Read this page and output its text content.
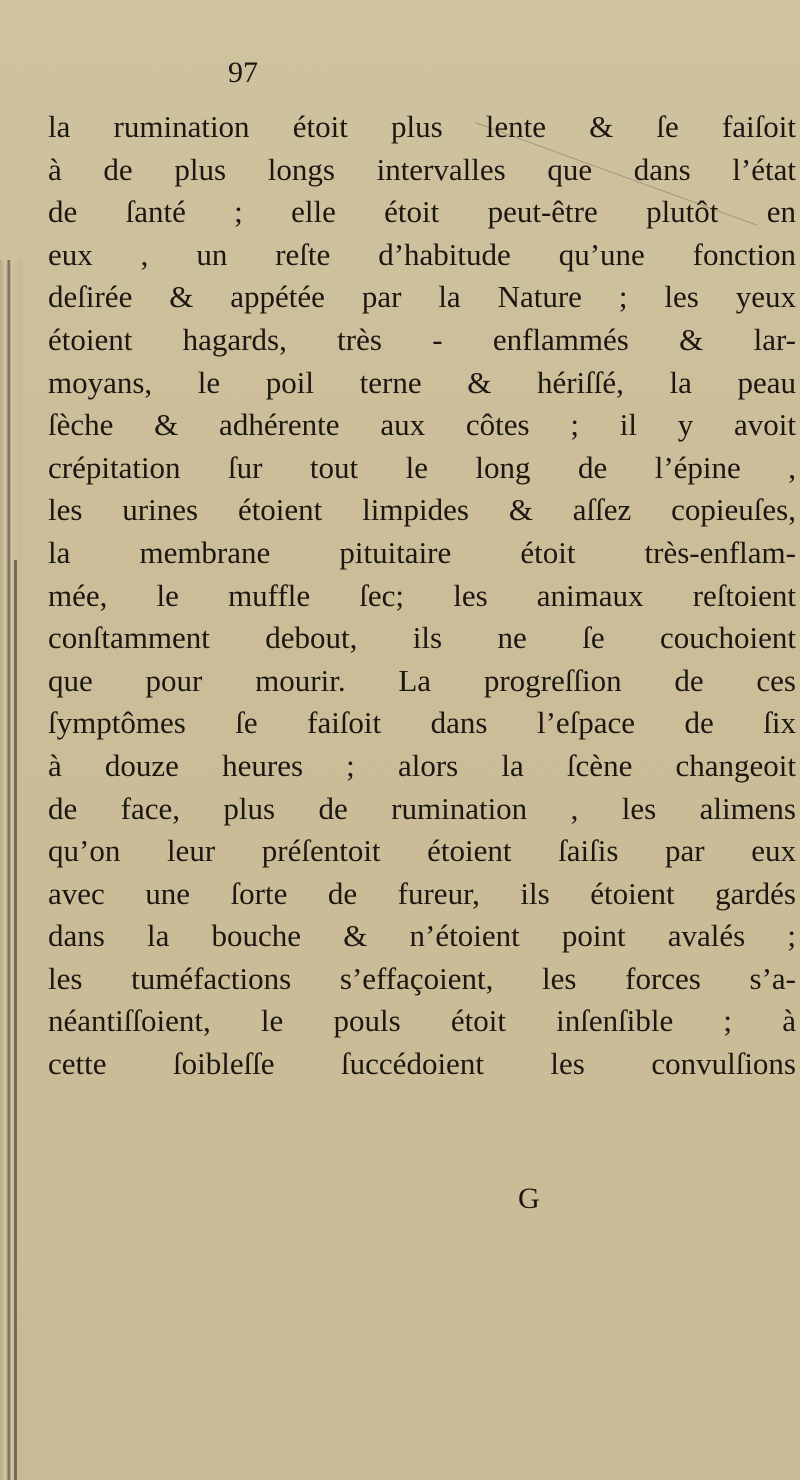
97
la rumination étoit plus lente & ſe faiſoit
à de plus longs intervalles que dans l’état
de ſanté ; elle étoit peut-être plutôt en
eux , un reſte d’habitude qu’une fonction
deſirée & appétée par la Nature ; les yeux
étoient hagards, très - enflammés & lar-
moyans, le poil terne & hériſſé, la peau
ſèche & adhérente aux côtes ; il y avoit
crépitation ſur tout le long de l’épine ,
les urines étoient limpides & aſſez copieuſes,
la membrane pituitaire étoit très-enflam-
mée, le muffle ſec; les animaux reſtoient
conſtamment debout, ils ne ſe couchoient
que pour mourir. La progreſſion de ces
ſymptômes ſe faiſoit dans l’eſpace de ſix
à douze heures ; alors la ſcène changeoit
de face, plus de rumination , les alimens
qu’on leur préſentoit étoient ſaiſis par eux
avec une ſorte de fureur, ils étoient gardés
dans la bouche & n’étoient point avalés ;
les tuméfactions s’effaçoient, les forces s’a-
néantiſſoient, le pouls étoit inſenſible ; à
cette ſoibleſſe ſuccédoient les convulſions
G
